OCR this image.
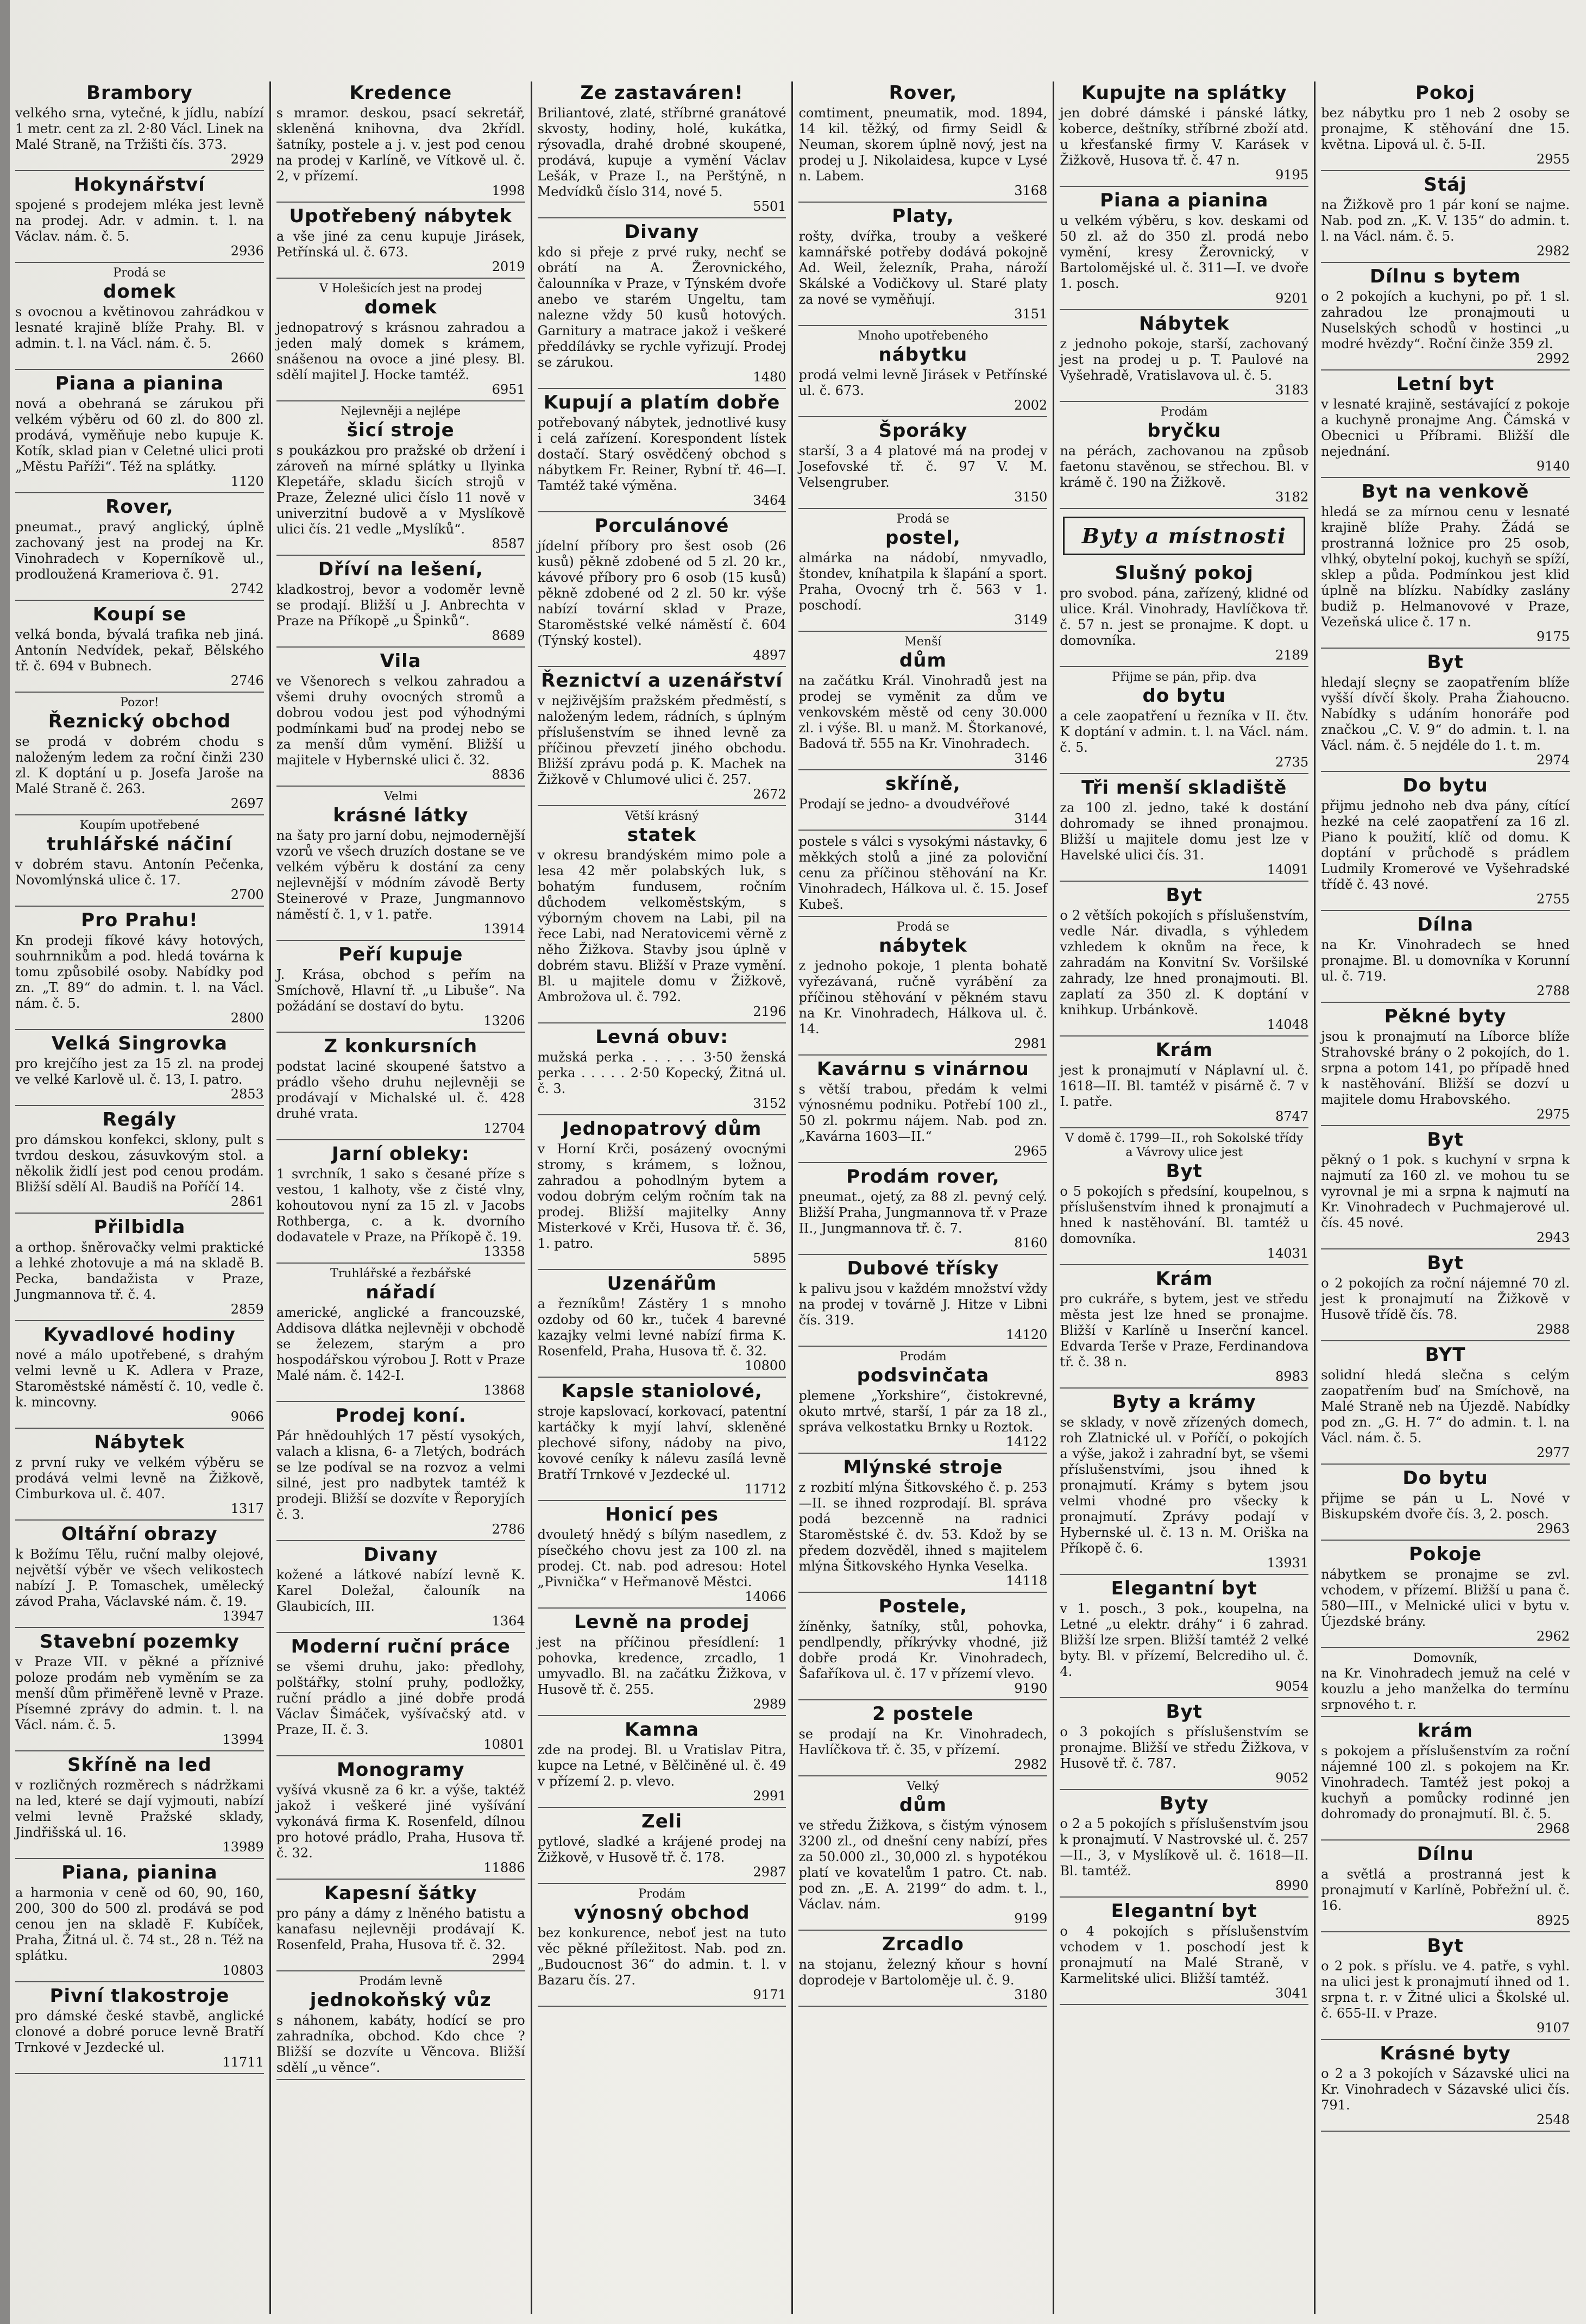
Brambory

velkého srna, vytečné, k jídlu, nabízí 1 metr. cent za zl. 2·80 Václ. Linek na Malé Straně, na Tržišti čís. 373.

2929
Hokynářství

spojené s prodejem mléka jest levně na prodej. Adr. v admin. t. l. na Václav. nám. č. 5.

2936
Prodá se
domek

s ovocnou a květinovou zahrádkou v lesnaté krajině blíže Prahy. Bl. v admin. t. l. na Václ. nám. č. 5.

2660
Piana a pianina

nová a obehraná se zárukou při velkém výběru od 60 zl. do 800 zl. prodává, vyměňuje nebo kupuje K. Kotík, sklad pian v Celetné ulici proti „Městu Paříži“. Též na splátky.

1120
Rover,

pneumat., pravý anglický, úplně zachovaný jest na prodej na Kr. Vinohradech v Koperníkově ul., prodloužená Krameriova č. 91.

2742
Koupí se

velká bonda, bývalá trafika neb jiná. Antonín Nedvídek, pekař, Bělského tř. č. 694 v Bubnech.

2746
Pozor!
Řeznický obchod

se prodá v dobrém chodu s naloženým ledem za roční činži 230 zl. K doptání u p. Josefa Jaroše na Malé Straně č. 263.

2697
Koupím upotřebené
truhlářské náčiní

v dobrém stavu. Antonín Pečenka, Novomlýnská ulice č. 17.

2700
Pro Prahu!

Kn prodeji fíkové kávy hotových, souhrnnikům a pod. hledá továrna k tomu způsobilé osoby. Nabídky pod zn. „T. 89“ do admin. t. l. na Václ. nám. č. 5.

2800
Velká Singrovka

pro krejčího jest za 15 zl. na prodej ve velké Karlově ul. č. 13, I. patro.

2853
Regály

pro dámskou konfekci, sklony, pult s tvrdou deskou, zásuvkovým stol. a několik židlí jest pod cenou prodám. Bližší sdělí Al. Baudiš na Poříčí 14.

2861
Přilbidla

a orthop. šněrovačky velmi praktické a lehké zhotovuje a má na skladě B. Pecka, bandažista v Praze, Jungmannova tř. č. 4.

2859
Kyvadlové hodiny

nové a málo upotřebené, s drahým velmi levně u K. Adlera v Praze, Staroměstské náměstí č. 10, vedle č. k. mincovny.

9066
Nábytek

z první ruky ve velkém výběru se prodává velmi levně na Žižkově, Cimburkova ul. č. 407.

1317
Oltářní obrazy

k Božímu Tělu, ruční malby olejové, největší výběr ve všech velikostech nabízí J. P. Tomaschek, umělecký závod Praha, Václavské nám. č. 19.

13947
Stavební pozemky

v Praze VII. v pěkné a příznivé poloze prodám neb vyměním se za menší dům přiměřeně levně v Praze. Písemné zprávy do admin. t. l. na Václ. nám. č. 5.

13994
Skříně na led

v rozličných rozměrech s nádržkami na led, které se dají vyjmouti, nabízí velmi levně Pražské sklady, Jindřišská ul. 16.

13989
Piana, pianina

a harmonia v ceně od 60, 90, 160, 200, 300 do 500 zl. prodává se pod cenou jen na skladě F. Kubíček, Praha, Žitná ul. č. 74 st., 28 n. Též na splátku.

10803
Pivní tlakostroje

pro dámské české stavbě, anglické clonové a dobré poruce levně Bratří Trnkové v Jezdecké ul.

11711
Kredence

s mramor. deskou, psací sekretář, skleněná knihovna, dva 2křídl. šatníky, postele a j. v. jest pod cenou na prodej v Karlíně, ve Vítkově ul. č. 2, v přízemí.

1998
Upotřebený nábytek

a vše jiné za cenu kupuje Jirásek, Petřínská ul. č. 673.

2019
V Holešicích jest na prodej
domek

jednopatrový s krásnou zahradou a jeden malý domek s krámem, snášenou na ovoce a jiné plesy. Bl. sdělí majitel J. Hocke tamtéž.

6951
Nejlevněji a nejlépe
šicí stroje

s poukázkou pro pražské ob držení i zároveň na mírné splátky u Ilyinka Klepetáře, skladu šicích strojů v Praze, Železné ulici číslo 11 nově v univerzitní budově a v Myslíkově ulici čís. 21 vedle „Myslíků“.

8587
Dříví na lešení,

kladkostroj, bevor a vodoměr levně se prodají. Bližší u J. Anbrechta v Praze na Příkopě „u Špinků“.

8689
Vila

ve Všenorech s velkou zahradou a všemi druhy ovocných stromů a dobrou vodou jest pod výhodnými podmínkami buď na prodej nebo se za menší dům vymění. Bližší u majitele v Hybernské ulici č. 32.

8836
Velmi
krásné látky

na šaty pro jarní dobu, nejmodernější vzorů ve všech druzích dostane se ve velkém výběru k dostání za ceny nejlevnější v módním závodě Berty Steinerové v Praze, Jungmannovo náměstí č. 1, v 1. patře.

13914
Peří kupuje

J. Krása, obchod s peřím na Smíchově, Hlavní tř. „u Libuše“. Na požádání se dostaví do bytu.

13206
Z konkursních

podstat laciné skoupené šatstvo a prádlo všeho druhu nejlevněji se prodávají v Michalské ul. č. 428 druhé vrata.

12704
Jarní obleky:

1 svrchník, 1 sako s česané příze s vestou, 1 kalhoty, vše z čisté vlny, kohoutovou nyní za 15 zl. v Jacobs Rothberga, c. a k. dvorního dodavatele v Praze, na Příkopě č. 19.

13358
Truhlářské a řezbářské
nářadí

americké, anglické a francouzské, Addisova dlátka nejlevněji v obchodě se železem, starým a pro hospodářskou výrobou J. Rott v Praze Malé nám. č. 142-I.

13868
Prodej koní.

Pár hnědouhlých 17 pěstí vysokých, valach a klisna, 6- a 7letých, bodrách se lze podíval se na rozvoz a velmi silné, jest pro nadbytek tamtéž k prodeji. Bližší se dozvíte v Řeporyjích č. 3.

2786
Divany

kožené a látkové nabízí levně K. Karel Doležal, čalouník na Glaubicích, III.

1364
Moderní ruční práce

se všemi druhu, jako: předlohy, polštářky, stolní pruhy, podložky, ruční prádlo a jiné dobře prodá Václav Šimáček, vyšívačský atd. v Praze, II. č. 3.

10801
Monogramy

vyšívá vkusně za 6 kr. a výše, taktéž jakož i veškeré jiné vyšívání vykonává firma K. Rosenfeld, dílnou pro hotové prádlo, Praha, Husova tř. č. 32.

11886
Kapesní šátky

pro pány a dámy z lněného batistu a kanafasu nejlevněji prodávají K. Rosenfeld, Praha, Husova tř. č. 32.

2994
Prodám levně
jednokoňský vůz

s náhonem, kabáty, hodící se pro zahradníka, obchod. Kdo chce ? Bližší se dozvíte u Věncova. Bližší sdělí „u věnce“.

Ze zastaváren!

Briliantové, zlaté, stříbrné granátové skvosty, hodiny, holé, kukátka, rýsovadla, drahé drobné skoupené, prodává, kupuje a vymění Václav Lešák, v Praze I., na Perštýně, n Medvídků číslo 314, nové 5.

5501
Divany

kdo si přeje z prvé ruky, nechť se obrátí na A. Žerovnického, čalounníka v Praze, v Týnském dvoře anebo ve starém Ungeltu, tam nalezne vždy 50 kusů hotových. Garnitury a matrace jakož i veškeré předdílávky se rychle vyřizují. Prodej se zárukou.

1480
Kupují a platím dobře

potřebovaný nábytek, jednotlivé kusy i celá zařízení. Korespondent lístek dostačí. Starý osvědčený obchod s nábytkem Fr. Reiner, Rybní tř. 46—I. Tamtéž také výměna.

3464
Porculánové

jídelní příbory pro šest osob (26 kusů) pěkně zdobené od 5 zl. 20 kr., kávové příbory pro 6 osob (15 kusů) pěkně zdobené od 2 zl. 50 kr. výše nabízí tovární sklad v Praze, Staroměstské velké náměstí č. 604 (Týnský kostel).

4897
Řeznictví a uzenářství

v nejživějším pražském předměstí, s naloženým ledem, rádních, s úplným příslušenstvím se ihned levně za příčinou převzetí jiného obchodu. Bližší zprávu podá p. K. Machek na Žižkově v Chlumové ulici č. 257.

2672
Větší krásný
statek

v okresu brandýském mimo pole a lesa 42 měr polabských luk, s bohatým fundusem, ročním důchodem velkoměstským, s výborným chovem na Labi, pil na řece Labi, nad Neratovicemi věrně z něho Žižkova. Stavby jsou úplně v dobrém stavu. Bližší v Praze vymění. Bl. u majitele domu v Žižkově, Ambrožova ul. č. 792.

2196
Levná obuv:

mužská perka . . . . . 3·50 ženská perka . . . . . 2·50 Kopecký, Žitná ul. č. 3.

3152
Jednopatrový dům

v Horní Krči, posázený ovocnými stromy, s krámem, s ložnou, zahradou a pohodlným bytem a vodou dobrým celým ročním tak na prodej. Bližší majitelky Anny Misterkové v Krči, Husova tř. č. 36, 1. patro.

5895
Uzenářům

a řezníkům! Zástěry 1 s mnoho ozdoby od 60 kr., tuček 4 barevné kazajky velmi levné nabízí firma K. Rosenfeld, Praha, Husova tř. č. 32.

10800
Kapsle staniolové,

stroje kapslovací, korkovací, patentní kartáčky k myjí lahví, skleněné plechové sifony, nádoby na pivo, kovové ceníky k nálevu zasílá levně Bratří Trnkové v Jezdecké ul.

11712
Honicí pes

dvouletý hnědý s bílým nasedlem, z písečkého chovu jest za 100 zl. na prodej. Ct. nab. pod adresou: Hotel „Pivnička“ v Heřmanově Městci.

14066
Levně na prodej

jest na příčinou přesídlení: 1 pohovka, kredence, zrcadlo, 1 umyvadlo. Bl. na začátku Žižkova, v Husově tř. č. 255.

2989
Kamna

zde na prodej. Bl. u Vratislav Pitra, kupce na Letné, v Bělčiněné ul. č. 49 v přízemí 2. p. vlevo.

2991
Zeli

pytlové, sladké a krájené prodej na Žižkově, v Husově tř. č. 178.

2987
Prodám
výnosný obchod

bez konkurence, neboť jest na tuto věc pěkné příležitost. Nab. pod zn. „Budoucnost 36“ do admin. t. l. v Bazaru čís. 27.

9171
Rover,

comtiment, pneumatik, mod. 1894, 14 kil. těžký, od firmy Seidl & Neuman, skorem úplně nový, jest na prodej u J. Nikolaidesa, kupce v Lysé n. Labem.

3168
Platy,

rošty, dvířka, trouby a veškeré kamnářské potřeby dodává pokojně Ad. Weil, železník, Praha, nároží Skálské a Vodičkovy ul. Staré platy za nové se vyměňují.

3151
Mnoho upotřebeného
nábytku

prodá velmi levně Jirásek v Petřínské ul. č. 673.

2002
Šporáky

starší, 3 a 4 platové má na prodej v Josefovské tř. č. 97 V. M. Velsengruber.

3150
Prodá se
postel,

almárka na nádobí, nmyvadlo, štondev, kníhatpila k šlapání a sport. Praha, Ovocný trh č. 563 v 1. poschodí.

3149
Menší
dům

na začátku Král. Vinohradů jest na prodej se vyměnit za dům ve venkovském městě od ceny 30.000 zl. i výše. Bl. u manž. M. Štorkanové, Badová tř. 555 na Kr. Vinohradech.

3146
skříně,

Prodají se jedno- a dvoudvéřové

3144

postele s válci s vysokými nástavky, 6 měkkých stolů a jiné za poloviční cenu za příčinou stěhování na Kr. Vinohradech, Hálkova ul. č. 15. Josef Kubeš.

Prodá se
nábytek

z jednoho pokoje, 1 plenta bohatě vyřezávaná, ručně vyrábění za příčinou stěhování v pěkném stavu na Kr. Vinohradech, Hálkova ul. č. 14.

2981
Kavárnu s vinárnou

s větší trabou, předám k velmi výnosnému podniku. Potřebí 100 zl., 50 zl. pokrmu nájem. Nab. pod zn. „Kavárna 1603—II.“

2965
Prodám rover,

pneumat., ojetý, za 88 zl. pevný celý. Bližší Praha, Jungmannova tř. v Praze II., Jungmannova tř. č. 7.

8160
Dubové třísky

k palivu jsou v každém množství vždy na prodej v továrně J. Hitze v Libni čís. 319.

14120
Prodám
podsvinčata

plemene „Yorkshire“, čistokrevné, okuto mrtvé, starší, 1 pár za 18 zl., správa velkostatku Brnky u Roztok.

14122
Mlýnské stroje

z rozbití mlýna Šitkovského č. p. 253—II. se ihned rozprodají. Bl. správa podá bezcenně na radnici Staroměstské č. dv. 53. Kdož by se předem dozvěděl, ihned s majitelem mlýna Šitkovského Hynka Veselka.

14118
Postele,

žíněnky, šatníky, stůl, pohovka, pendlpendly, příkrývky vhodné, již dobře prodá Kr. Vinohradech, Šafaříkova ul. č. 17 v přízemí vlevo.

9190
2 postele

se prodají na Kr. Vinohradech, Havlíčkova tř. č. 35, v přízemí.

2982
Velký
dům

ve středu Žižkova, s čistým výnosem 3200 zl., od dnešní ceny nabízí, přes za 50.000 zl., 30,000 zl. s hypotékou platí ve kovatelům 1 patro. Ct. nab. pod zn. „E. A. 2199“ do adm. t. l., Václav. nám.

9199
Zrcadlo

na stojanu, železný kňour s hovní doprodeje v Bartoloměje ul. č. 9.

3180
Kupujte na splátky

jen dobré dámské i pánské látky, koberce, deštníky, stříbrné zboží atd. u křesťanské firmy V. Karásek v Žižkově, Husova tř. č. 47 n.

9195
Piana a pianina

u velkém výběru, s kov. deskami od 50 zl. až do 350 zl. prodá nebo vymění, kresy Žerovnický, v Bartolomějské ul. č. 311—I. ve dvoře 1. posch.

9201
Nábytek

z jednoho pokoje, starší, zachovaný jest na prodej u p. T. Paulové na Vyšehradě, Vratislavova ul. č. 5.

3183
Prodám
bryčku

na pérách, zachovanou na způsob faetonu stavěnou, se střechou. Bl. v krámě č. 190 na Žižkově.

3182
Byty a místnosti
Slušný pokoj

pro svobod. pána, zařízený, klidné od ulice. Král. Vinohrady, Havlíčkova tř. č. 57 n. jest se pronajme. K dopt. u domovníka.

2189
Přijme se pán, přip. dva
do bytu

a cele zaopatření u řezníka v II. čtv. K doptání v admin. t. l. na Václ. nám. č. 5.

2735
Tři menší skladiště

za 100 zl. jedno, také k dostání dohromady se ihned pronajmou. Bližší u majitele domu jest lze v Havelské ulici čís. 31.

14091
Byt

o 2 větších pokojích s příslušenstvím, vedle Nár. divadla, s výhledem vzhledem k oknům na řece, k zahradám na Konvitní Sv. Voršilské zahrady, lze hned pronajmouti. Bl. zaplatí za 350 zl. K doptání v knihkup. Urbánkově.

14048
Krám

jest k pronajmutí v Náplavní ul. č. 1618—II. Bl. tamtéž v pisárně č. 7 v I. patře.

8747
V domě č. 1799—II., roh Sokolské třídy a Vávrovy ulice jest
Byt

o 5 pokojích s předsíní, koupelnou, s příslušenstvím ihned k pronajmutí a hned k nastěhování. Bl. tamtéž u domovníka.

14031
Krám

pro cukráře, s bytem, jest ve středu města jest lze hned se pronajme. Bližší v Karlíně u Inserční kancel. Edvarda Terše v Praze, Ferdinandova tř. č. 38 n.

8983
Byty a krámy

se sklady, v nově zřízených domech, roh Zlatnické ul. v Poříčí, o pokojích a výše, jakož i zahradní byt, se všemi příslušenstvími, jsou ihned k pronajmutí. Krámy s bytem jsou velmi vhodné pro všecky k pronajmutí. Zprávy podají v Hybernské ul. č. 13 n. M. Oriška na Příkopě č. 6.

13931
Elegantní byt

v 1. posch., 3 pok., koupelna, na Letné „u elektr. dráhy“ i 6 zahrad. Bližší lze srpen. Bližší tamtéž 2 velké byty. Bl. v přízemí, Belcrediho ul. č. 4.

9054
Byt

o 3 pokojích s příslušenstvím se pronajme. Bližší ve středu Žižkova, v Husově tř. č. 787.

9052
Byty

o 2 a 5 pokojích s příslušenstvím jsou k pronajmutí. V Nastrovské ul. č. 257—II., 3, v Myslíkově ul. č. 1618—II. Bl. tamtéž.

8990
Elegantní byt

o 4 pokojích s příslušenstvím vchodem v 1. poschodí jest k pronajmutí na Malé Straně, v Karmelitské ulici. Bližší tamtéž.

3041
Pokoj

bez nábytku pro 1 neb 2 osoby se pronajme, K stěhování dne 15. května. Lipová ul. č. 5-II.

2955
Stáj

na Žižkově pro 1 pár koní se najme. Nab. pod zn. „K. V. 135“ do admin. t. l. na Václ. nám. č. 5.

2982
Dílnu s bytem

o 2 pokojích a kuchyni, po př. 1 sl. zahradou lze pronajmouti u Nuselských schodů v hostinci „u modré hvězdy“. Roční činže 359 zl.

2992
Letní byt

v lesnaté krajině, sestávající z pokoje a kuchyně pronajme Ang. Čámská v Obecnici u Příbrami. Bližší dle nejednání.

9140
Byt na venkově

hledá se za mírnou cenu v lesnaté krajině blíže Prahy. Žádá se prostranná ložnice pro 25 osob, vlhký, obytelní pokoj, kuchyň se spíží, sklep a půda. Podmínkou jest klid úplně na blízku. Nabídky zaslány budiž p. Helmanovové v Praze, Vezeňská ulice č. 17 n.

9175
Byt

hledají sleçny se zaopatřením blíže vyšší dívčí školy. Praha Žiahoucno. Nabídky s udáním honoráře pod značkou „C. V. 9“ do admin. t. l. na Václ. nám. č. 5 nejdéle do 1. t. m.

2974
Do bytu

přijmu jednoho neb dva pány, cítící hezké na celé zaopatření za 16 zl. Piano k použití, klíč od domu. K doptání v průchodě s prádlem Ludmily Kromerové ve Vyšehradské třídě č. 43 nové.

2755
Dílna

na Kr. Vinohradech se hned pronajme. Bl. u domovníka v Korunní ul. č. 719.

2788
Pěkné byty

jsou k pronajmutí na Líborce blíže Strahovské brány o 2 pokojích, do 1. srpna a potom 141, po případě hned k nastěhování. Bližší se dozví u majitele domu Hrabovského.

2975
Byt

pěkný o 1 pok. s kuchyní v srpna k najmutí za 160 zl. ve mohou tu se vyrovnal je mi a srpna k najmutí na Kr. Vinohradech v Puchmajerové ul. čís. 45 nové.

2943
Byt

o 2 pokojích za roční nájemné 70 zl. jest k pronajmutí na Žižkově v Husově třídě čís. 78.

2988
BYT

solidní hledá slečna s celým zaopatřením buď na Smíchově, na Malé Straně neb na Újezdě. Nabídky pod zn. „G. H. 7“ do admin. t. l. na Václ. nám. č. 5.

2977
Do bytu

přijme se pán u L. Nové v Biskupském dvoře čís. 3, 2. posch.

2963
Pokoje

nábytkem se pronajme se zvl. vchodem, v přízemí. Bližší u pana č. 580—III., v Melnické ulici v bytu v. Újezdské brány.

2962
Domovník,

na Kr. Vinohradech jemuž na celé v kouzlu a jeho manželka do termínu srpnového t. r.

krám

s pokojem a příslušenstvím za roční nájemné 100 zl. s pokojem na Kr. Vinohradech. Tamtéž jest pokoj a kuchyň a pomůcky rodinné jen dohromady do pronajmutí. Bl. č. 5.

2968
Dílnu

a světlá a prostranná jest k pronajmutí v Karlíně, Pobřežní ul. č. 16.

8925
Byt

o 2 pok. s příslu. ve 4. patře, s vyhl. na ulici jest k pronajmutí ihned od 1. srpna t. r. v Žitné ulici a Školské ul. č. 655-II. v Praze.

9107
Krásné byty

o 2 a 3 pokojích v Sázavské ulici na Kr. Vinohradech v Sázavské ulici čís. 791.

2548
